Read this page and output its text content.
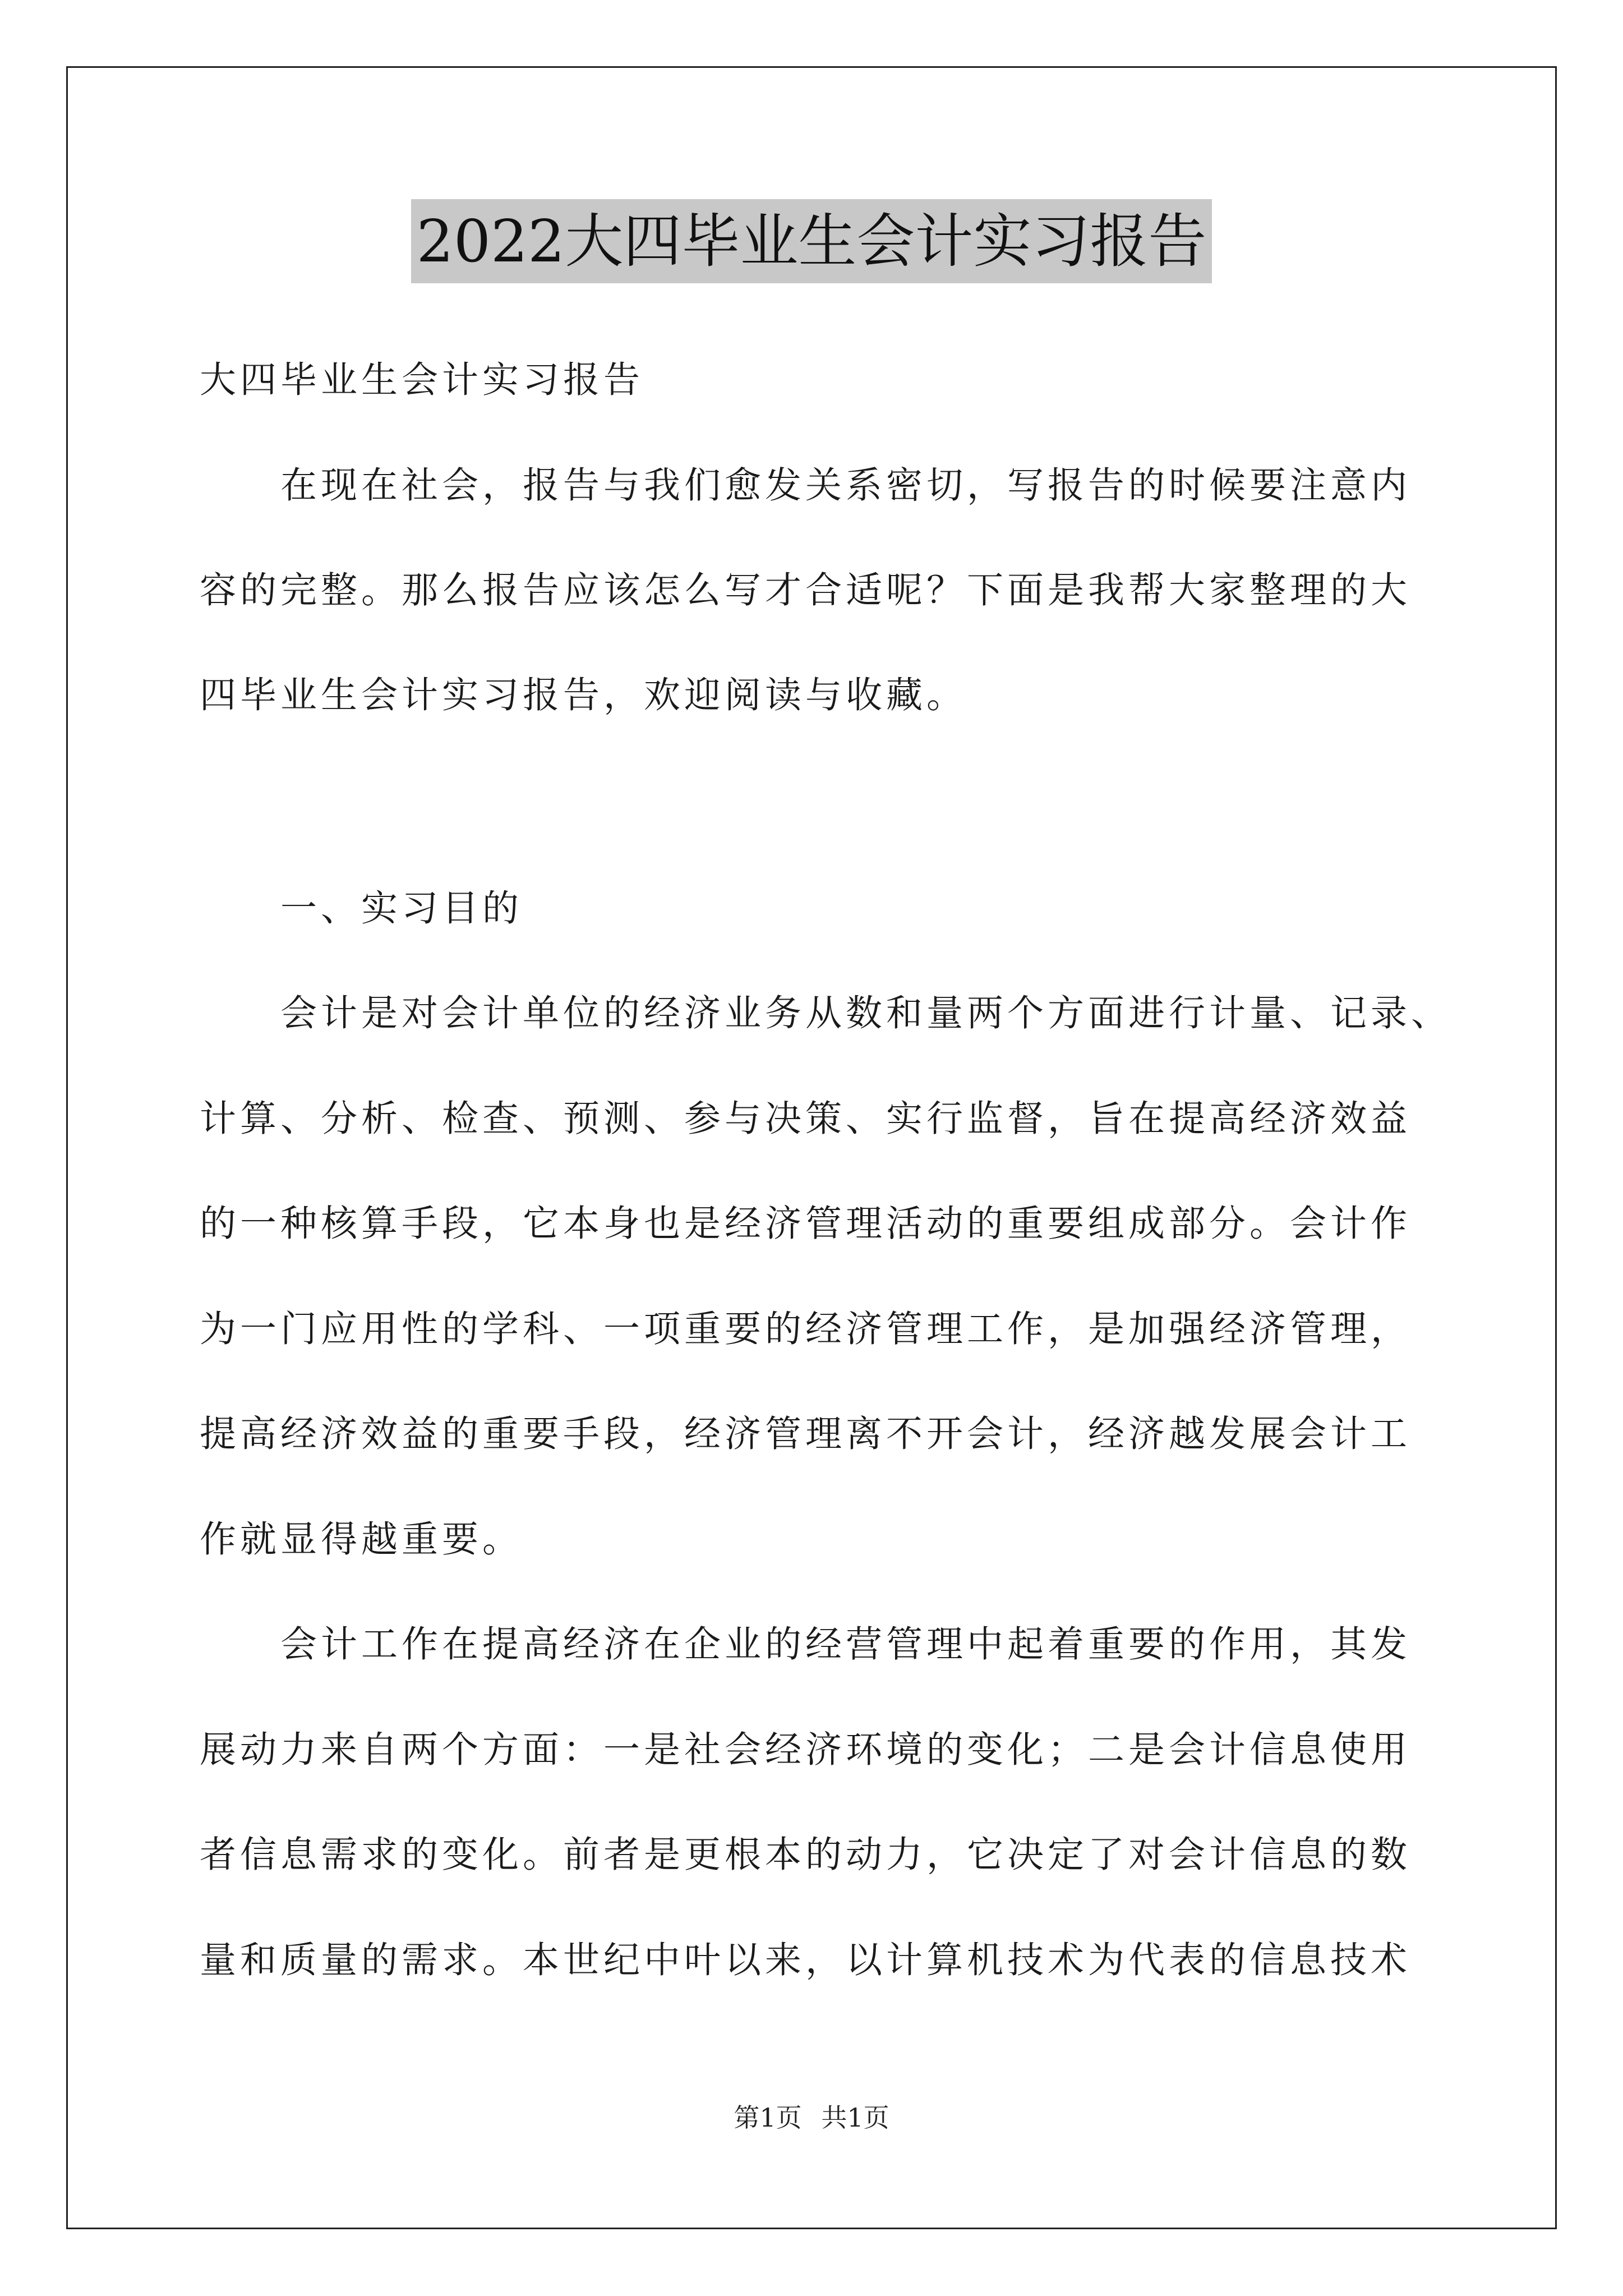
2022大四毕业生会计实习报告
大四毕业生会计实习报告
在现在社会，报告与我们愈发关系密切，写报告的时候要注意内
容的完整。那么报告应该怎么写才合适呢？下面是我帮大家整理的大
四毕业生会计实习报告，欢迎阅读与收藏。
一、实习目的
会计是对会计单位的经济业务从数和量两个方面进行计量、记录、
计算、分析、检查、预测、参与决策、实行监督，旨在提高经济效益
的一种核算手段，它本身也是经济管理活动的重要组成部分。会计作
为一门应用性的学科、一项重要的经济管理工作，是加强经济管理，
提高经济效益的重要手段，经济管理离不开会计，经济越发展会计工
作就显得越重要。
会计工作在提高经济在企业的经营管理中起着重要的作用，其发
展动力来自两个方面：一是社会经济环境的变化；二是会计信息使用
者信息需求的变化。前者是更根本的动力，它决定了对会计信息的数
量和质量的需求。本世纪中叶以来，以计算机技术为代表的信息技术
第1页 共1页
